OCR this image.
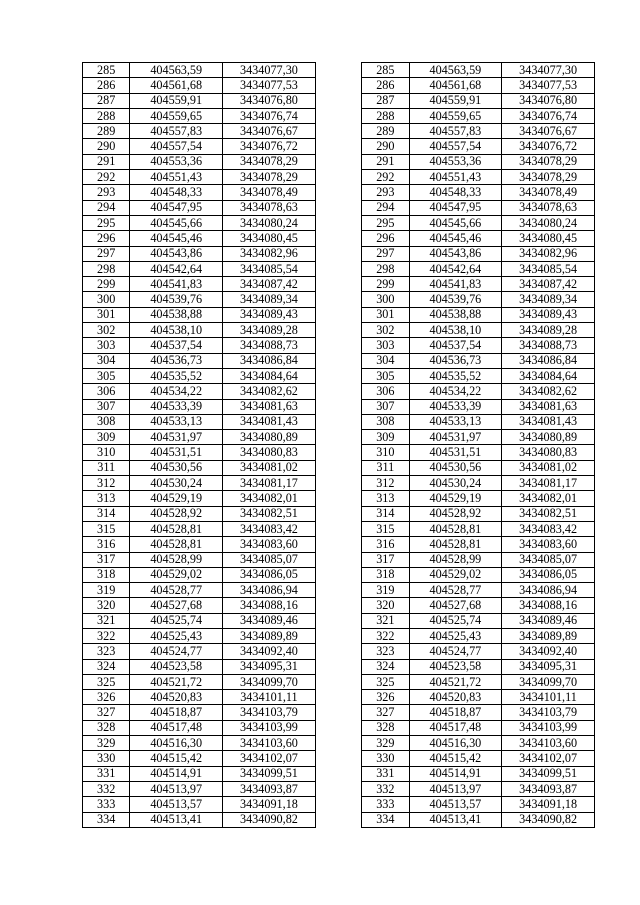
285	404563,59	3434077,30		285	404563,59	3434077,30
286	404561,68	3434077,53		286	404561,68	3434077,53
287	404559,91	3434076,80		287	404559,91	3434076,80
288	404559,65	3434076,74		288	404559,65	3434076,74
289	404557,83	3434076,67		289	404557,83	3434076,67
290	404557,54	3434076,72		290	404557,54	3434076,72
291	404553,36	3434078,29		291	404553,36	3434078,29
292	404551,43	3434078,29		292	404551,43	3434078,29
293	404548,33	3434078,49		293	404548,33	3434078,49
294	404547,95	3434078,63		294	404547,95	3434078,63
295	404545,66	3434080,24		295	404545,66	3434080,24
296	404545,46	3434080,45		296	404545,46	3434080,45
297	404543,86	3434082,96		297	404543,86	3434082,96
298	404542,64	3434085,54		298	404542,64	3434085,54
299	404541,83	3434087,42		299	404541,83	3434087,42
300	404539,76	3434089,34		300	404539,76	3434089,34
301	404538,88	3434089,43		301	404538,88	3434089,43
302	404538,10	3434089,28		302	404538,10	3434089,28
303	404537,54	3434088,73		303	404537,54	3434088,73
304	404536,73	3434086,84		304	404536,73	3434086,84
305	404535,52	3434084,64		305	404535,52	3434084,64
306	404534,22	3434082,62		306	404534,22	3434082,62
307	404533,39	3434081,63		307	404533,39	3434081,63
308	404533,13	3434081,43		308	404533,13	3434081,43
309	404531,97	3434080,89		309	404531,97	3434080,89
310	404531,51	3434080,83		310	404531,51	3434080,83
311	404530,56	3434081,02		311	404530,56	3434081,02
312	404530,24	3434081,17		312	404530,24	3434081,17
313	404529,19	3434082,01		313	404529,19	3434082,01
314	404528,92	3434082,51		314	404528,92	3434082,51
315	404528,81	3434083,42		315	404528,81	3434083,42
316	404528,81	3434083,60		316	404528,81	3434083,60
317	404528,99	3434085,07		317	404528,99	3434085,07
318	404529,02	3434086,05		318	404529,02	3434086,05
319	404528,77	3434086,94		319	404528,77	3434086,94
320	404527,68	3434088,16		320	404527,68	3434088,16
321	404525,74	3434089,46		321	404525,74	3434089,46
322	404525,43	3434089,89		322	404525,43	3434089,89
323	404524,77	3434092,40		323	404524,77	3434092,40
324	404523,58	3434095,31		324	404523,58	3434095,31
325	404521,72	3434099,70		325	404521,72	3434099,70
326	404520,83	3434101,11		326	404520,83	3434101,11
327	404518,87	3434103,79		327	404518,87	3434103,79
328	404517,48	3434103,99		328	404517,48	3434103,99
329	404516,30	3434103,60		329	404516,30	3434103,60
330	404515,42	3434102,07		330	404515,42	3434102,07
331	404514,91	3434099,51		331	404514,91	3434099,51
332	404513,97	3434093,87		332	404513,97	3434093,87
333	404513,57	3434091,18		333	404513,57	3434091,18
334	404513,41	3434090,82		334	404513,41	3434090,82
